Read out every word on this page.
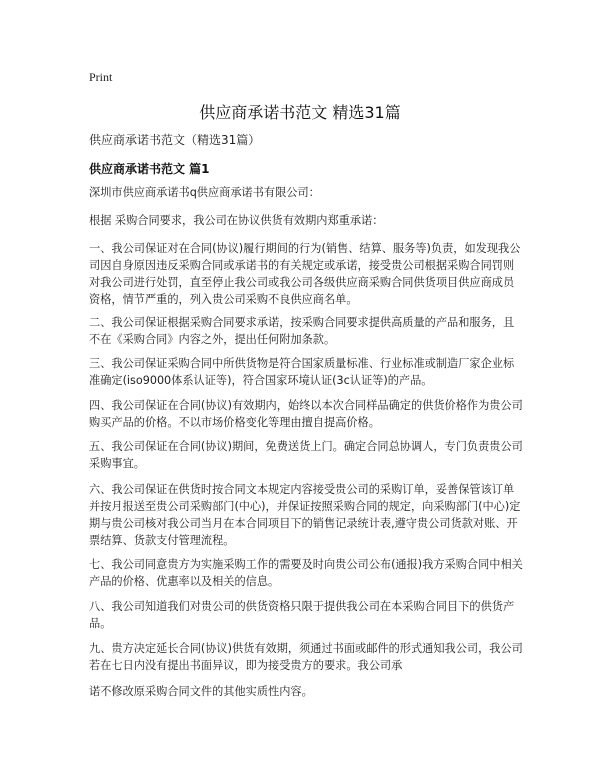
Print
供应商承诺书范文 精选31篇
供应商承诺书范文（精选31篇）
供应商承诺书范文 篇1

深圳市供应商承诺书q供应商承诺书有限公司：

根据 采购合同要求，我公司在协议供货有效期内郑重承诺：

一、我公司保证对在合同(协议)履行期间的行为(销售、结算、服务等)负责，如发现我公司因自身原因违反采购合同或承诺书的有关规定或承诺，接受贵公司根据采购合同罚则对我公司进行处罚，直至停止我公司或我公司各级供应商采购合同供货项目供应商成员资格，情节严重的，列入贵公司采购不良供应商名单。

二、我公司保证根据采购合同要求承诺，按采购合同要求提供高质量的产品和服务，且不在《采购合同》内容之外，提出任何附加条款。

三、我公司保证采购合同中所供货物是符合国家质量标准、行业标准或制造厂家企业标准确定(iso9000体系认证等)，符合国家环境认证(3c认证等)的产品。

四、我公司保证在合同(协议)有效期内，始终以本次合同样品确定的供货价格作为贵公司购买产品的价格。不以市场价格变化等理由擅自提高价格。

五、我公司保证在合同(协议)期间，免费送货上门。确定合同总协调人，专门负责贵公司采购事宜。

六、我公司保证在供货时按合同文本规定内容接受贵公司的采购订单，妥善保管该订单并按月报送至贵公司采购部门(中心)，并保证按照采购合同的规定，向采购部门(中心)定期与贵公司核对我公司当月在本合同项目下的销售记录统计表,遵守贵公司货款对账、开票结算、货款支付管理流程。

七、我公司同意贵方为实施采购工作的需要及时向贵公司公布(通报)我方采购合同中相关产品的价格、优惠率以及相关的信息。

八、我公司知道我们对贵公司的供货资格只限于提供我公司在本采购合同目下的供货产品。

九、贵方决定延长合同(协议)供货有效期，须通过书面或邮件的形式通知我公司，我公司若在七日内没有提出书面异议，即为接受贵方的要求。我公司承

诺不修改原采购合同文件的其他实质性内容。
